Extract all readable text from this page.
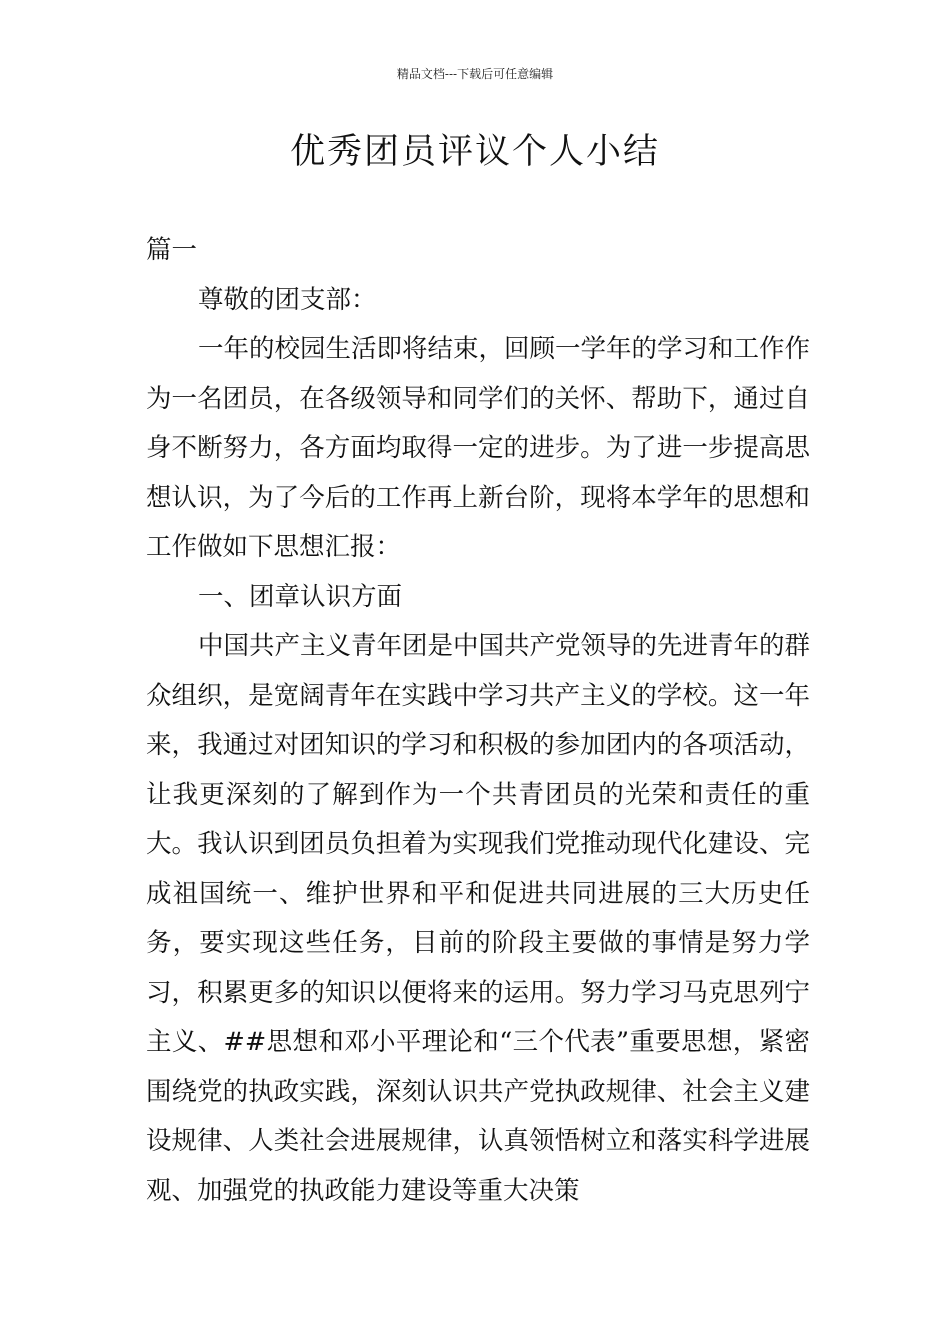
精品文档---下载后可任意编辑
优秀团员评议个人小结

篇一

尊敬的团支部：

一年的校园生活即将结束，回顾一学年的学习和工作作为一名团员，在各级领导和同学们的关怀、帮助下，通过自身不断努力，各方面均取得一定的进步。为了进一步提高思想认识，为了今后的工作再上新台阶，现将本学年的思想和工作做如下思想汇报：

一、团章认识方面

中国共产主义青年团是中国共产党领导的先进青年的群众组织，是宽阔青年在实践中学习共产主义的学校。这一年来，我通过对团知识的学习和积极的参加团内的各项活动，让我更深刻的了解到作为一个共青团员的光荣和责任的重大。我认识到团员负担着为实现我们党推动现代化建设、完成祖国统一、维护世界和平和促进共同进展的三大历史任务，要实现这些任务，目前的阶段主要做的事情是努力学习，积累更多的知识以便将来的运用。努力学习马克思列宁主义、##思想和邓小平理论和“三个代表”重要思想，紧密围绕党的执政实践，深刻认识共产党执政规律、社会主义建设规律、人类社会进展规律，认真领悟树立和落实科学进展观、加强党的执政能力建设等重大决策
